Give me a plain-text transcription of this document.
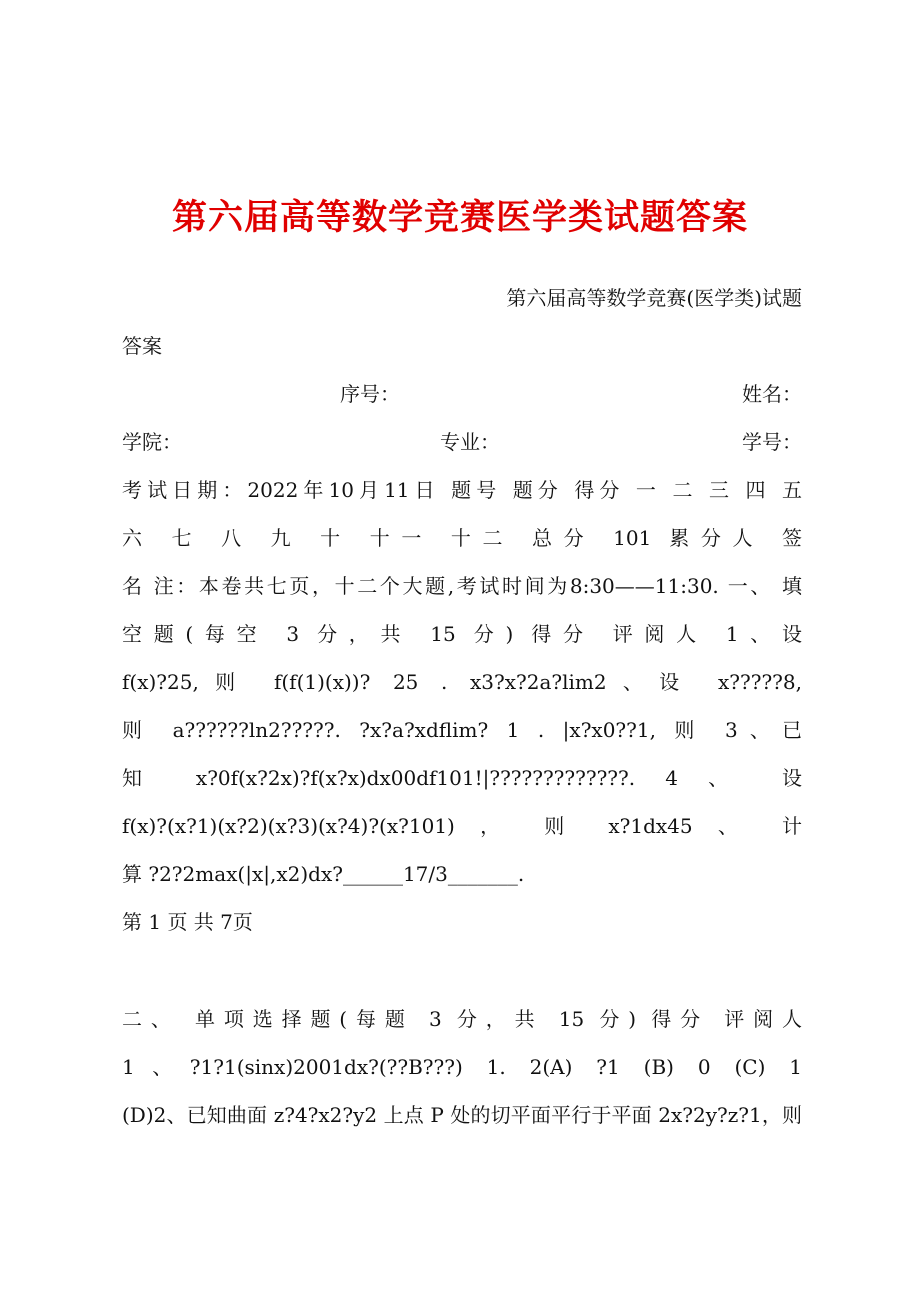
第六届高等数学竞赛医学类试题答案
第六届高等数学竞赛(医学类)试题
答案
序号：	姓名：
学院：	专业：	学号：
考试日期：2022年10月11日 题号 题分 得分 一 二 三 四 五
六 七 八 九 十 十一 十二 总分 101 累分人 签
名 注：本卷共七页，十二个大题,考试时间为8:30——11:30. 一、 填
空题(每空 3 分，共 15 分) 得分 评阅人 1、设
f(x)?25,则 f(f(1)(x))? 25 . x3?x?2a?lim2、设 x?????8,
则 a??????ln2?????. ?x?a?xdflim? 1 . |x?x0??1, 则 3、已
知 x?0f(x?2x)?f(x?x)dx00df101!|?????????????. 4 、 设
f(x)?(x?1)(x?2)(x?3)(x?4)?(x?101) ， 则 x?1dx45 、 计
算 ?2?2max(|x|,x2)dx?______17/3_______.
第 1 页 共 7页
二、 单项选择题(每题 3 分，共 15 分) 得分 评阅人
1、?1?1(sinx)2001dx?(??B???) 1. 2(A) ?1 (B) 0 (C) 1
(D)2、已知曲面 z?4?x2?y2 上点 P 处的切平面平行于平面 2x?2y?z?1，则
